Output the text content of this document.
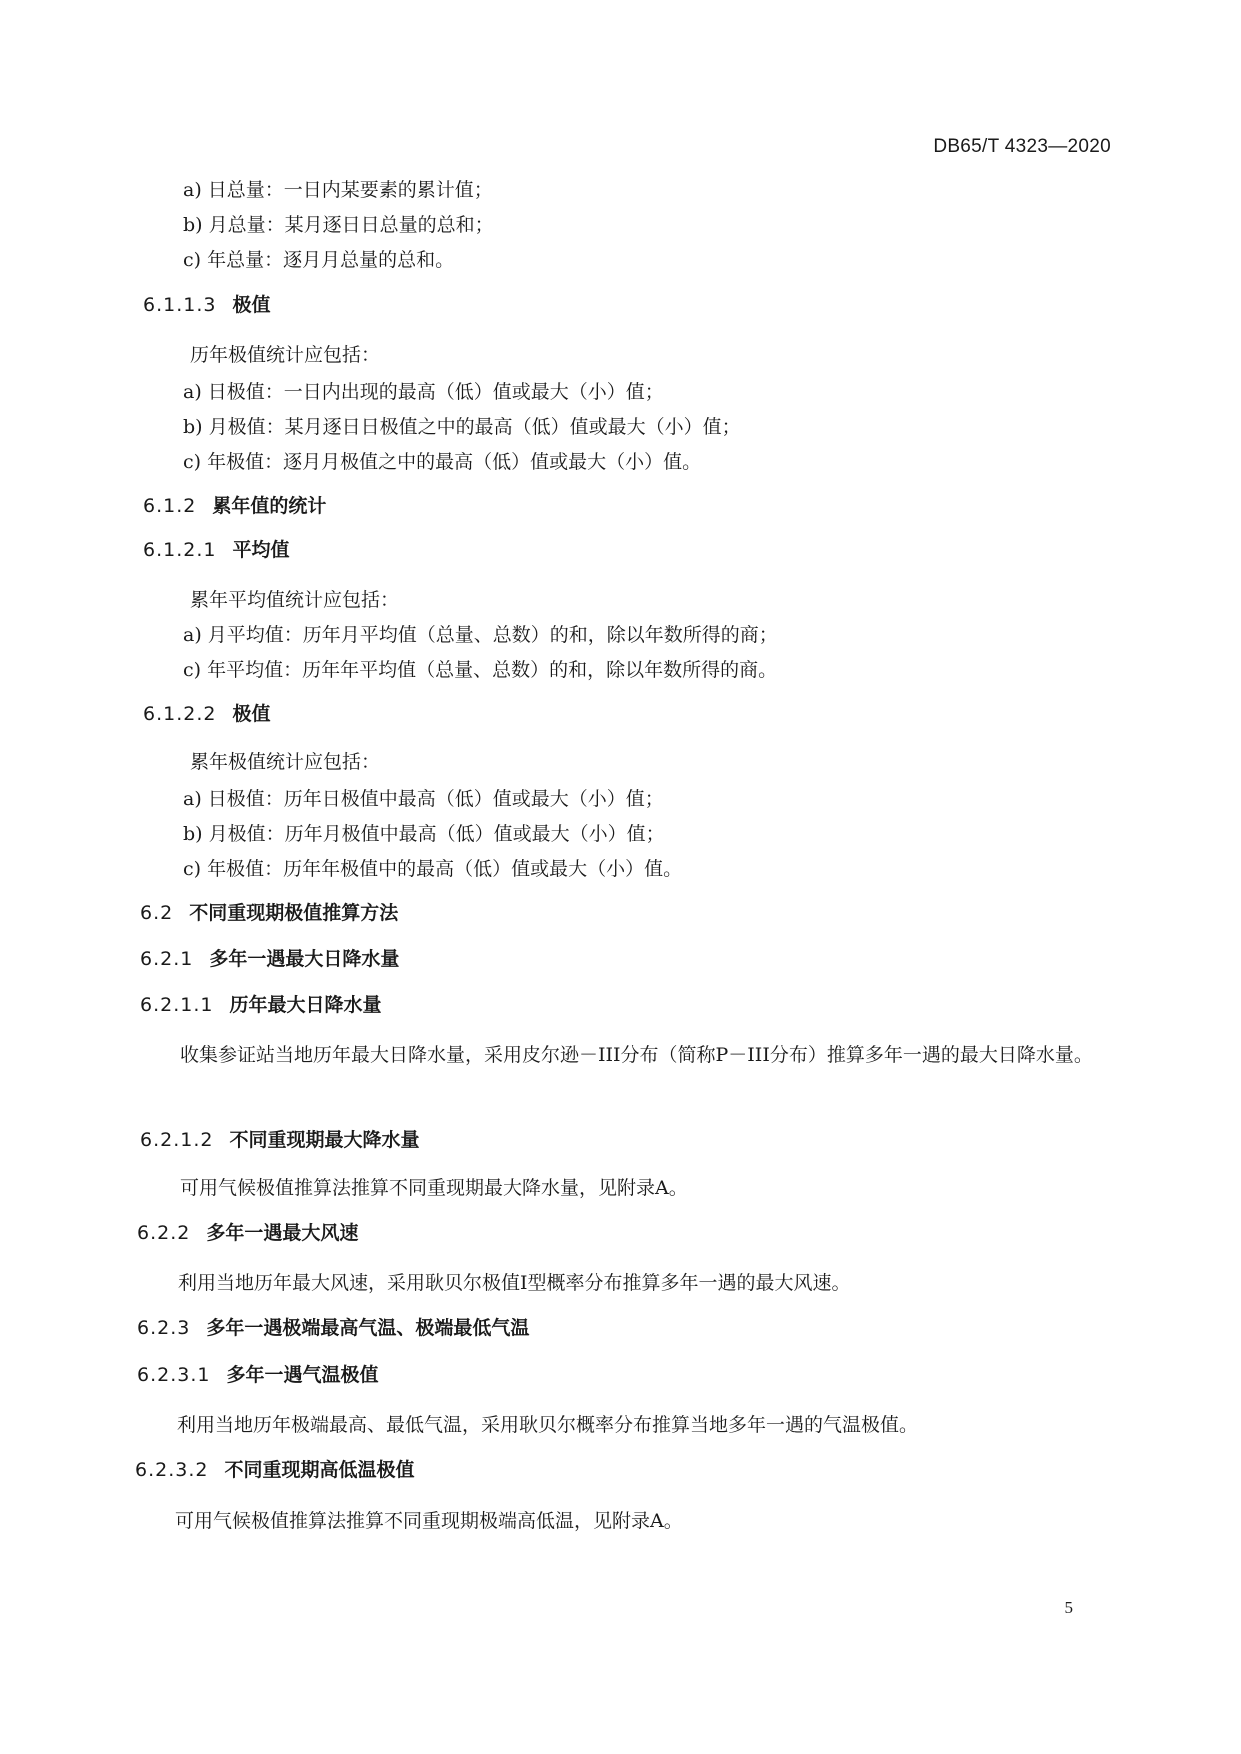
DB65/T 4323—2020
a) 日总量：一日内某要素的累计值；
b) 月总量：某月逐日日总量的总和；
c) 年总量：逐月月总量的总和。
6.1.1.3 极值
历年极值统计应包括：
a) 日极值：一日内出现的最高（低）值或最大（小）值；
b) 月极值：某月逐日日极值之中的最高（低）值或最大（小）值；
c) 年极值：逐月月极值之中的最高（低）值或最大（小）值。
6.1.2 累年值的统计
6.1.2.1 平均值
累年平均值统计应包括：
a) 月平均值：历年月平均值（总量、总数）的和，除以年数所得的商；
c) 年平均值：历年年平均值（总量、总数）的和，除以年数所得的商。
6.1.2.2 极值
累年极值统计应包括：
a) 日极值：历年日极值中最高（低）值或最大（小）值；
b) 月极值：历年月极值中最高（低）值或最大（小）值；
c) 年极值：历年年极值中的最高（低）值或最大（小）值。
6.2 不同重现期极值推算方法
6.2.1 多年一遇最大日降水量
6.2.1.1 历年最大日降水量
收集参证站当地历年最大日降水量，采用皮尔逊－III分布（简称P－III分布）推算多年一遇的最大日降水量。
6.2.1.2 不同重现期最大降水量
可用气候极值推算法推算不同重现期最大降水量，见附录A。
6.2.2 多年一遇最大风速
利用当地历年最大风速，采用耿贝尔极值Ⅰ型概率分布推算多年一遇的最大风速。
6.2.3 多年一遇极端最高气温、极端最低气温
6.2.3.1 多年一遇气温极值
利用当地历年极端最高、最低气温，采用耿贝尔概率分布推算当地多年一遇的气温极值。
6.2.3.2 不同重现期高低温极值
可用气候极值推算法推算不同重现期极端高低温，见附录A。
5
